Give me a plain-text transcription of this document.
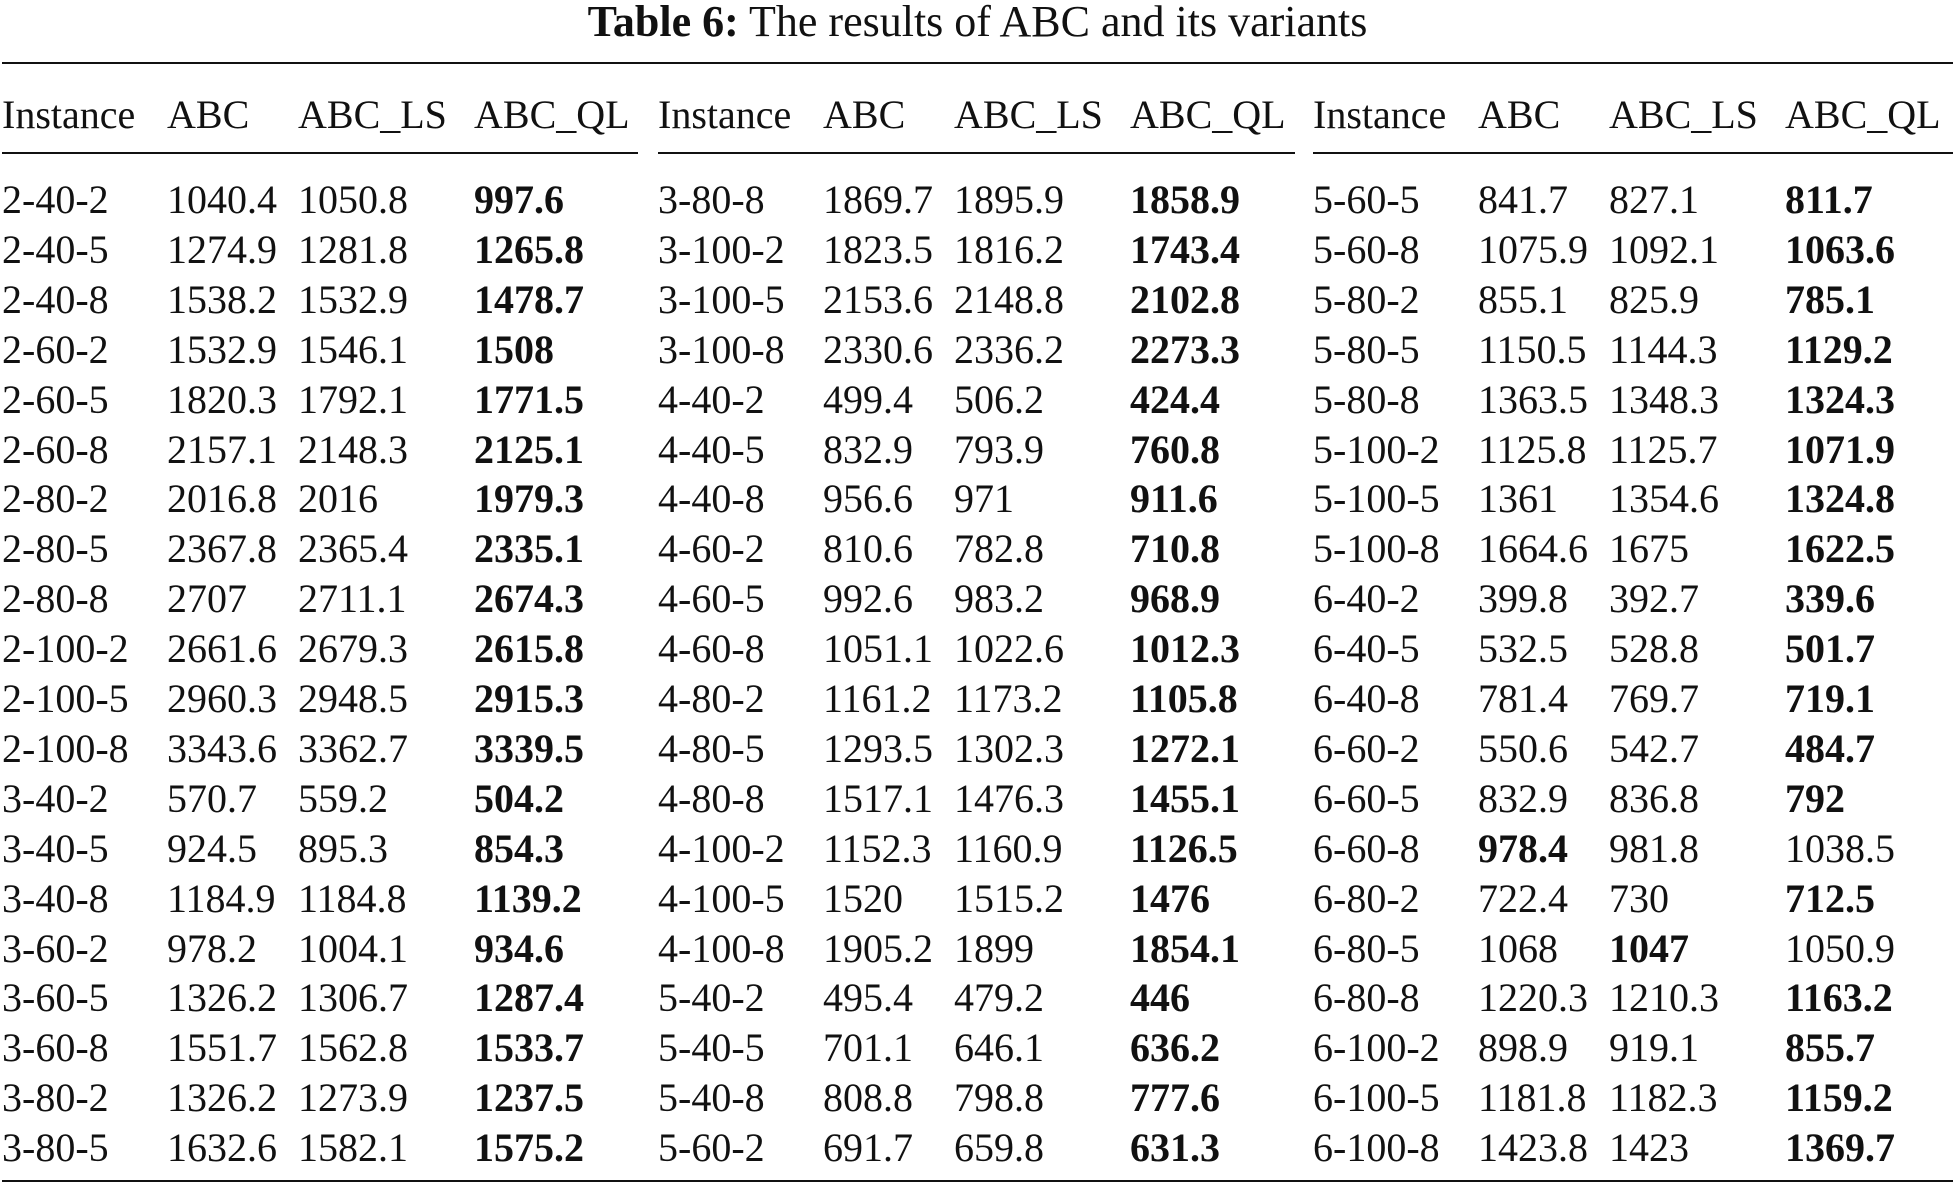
Table 6: The results of ABC and its variants
Instance ABC ABC_LS ABC_QL
2-40-2 1040.4 1050.8 997.6
2-40-5 1274.9 1281.8 1265.8
2-40-8 1538.2 1532.9 1478.7
2-60-2 1532.9 1546.1 1508
2-60-5 1820.3 1792.1 1771.5
2-60-8 2157.1 2148.3 2125.1
2-80-2 2016.8 2016 1979.3
2-80-5 2367.8 2365.4 2335.1
2-80-8 2707 2711.1 2674.3
2-100-2 2661.6 2679.3 2615.8
2-100-5 2960.3 2948.5 2915.3
2-100-8 3343.6 3362.7 3339.5
3-40-2 570.7 559.2 504.2
3-40-5 924.5 895.3 854.3
3-40-8 1184.9 1184.8 1139.2
3-60-2 978.2 1004.1 934.6
3-60-5 1326.2 1306.7 1287.4
3-60-8 1551.7 1562.8 1533.7
3-80-2 1326.2 1273.9 1237.5
3-80-5 1632.6 1582.1 1575.2
Instance ABC ABC_LS ABC_QL
3-80-8 1869.7 1895.9 1858.9
3-100-2 1823.5 1816.2 1743.4
3-100-5 2153.6 2148.8 2102.8
3-100-8 2330.6 2336.2 2273.3
4-40-2 499.4 506.2 424.4
4-40-5 832.9 793.9 760.8
4-40-8 956.6 971	911.6
4-60-2 810.6 782.8 710.8
4-60-5 992.6 983.2 968.9
4-60-8 1051.1 1022.6 1012.3
4-80-2 1161.2 1173.2 1105.8
4-80-5 1293.5 1302.3 1272.1
4-80-8 1517.1 1476.3 1455.1
4-100-2 1152.3 1160.9 1126.5
4-100-5 1520 1515.2 1476
4-100-8 1905.2 1899 1854.1
5-40-2 495.4 479.2 446
5-40-5 701.1 646.1 636.2
5-40-8 808.8 798.8 777.6
5-60-2 691.7 659.8 631.3
Instance ABC ABC_LS ABC_QL
5-60-5 841.7 827.1 811.7
5-60-8 1075.9 1092.1 1063.6
5-80-2 855.1 825.9 785.1
5-80-5 1150.5 1144.3 1129.2
5-80-8 1363.5 1348.3 1324.3
5-100-2 1125.8 1125.7 1071.9
5-100-5 1361 1354.6 1324.8
5-100-8 1664.6 1675 1622.5
6-40-2 399.8 392.7 339.6
6-40-5 532.5 528.8 501.7
6-40-8 781.4 769.7 719.1
6-60-2 550.6 542.7 484.7
6-60-5 832.9 836.8 792
6-60-8 978.4 981.8 1038.5
6-80-2 722.4 730	712.5
6-80-5 1068 1047 1050.9
6-80-8 1220.3 1210.3 1163.2
6-100-2 898.9 919.1 855.7
6-100-5 1181.8 1182.3 1159.2
6-100-8 1423.8 1423 1369.7
